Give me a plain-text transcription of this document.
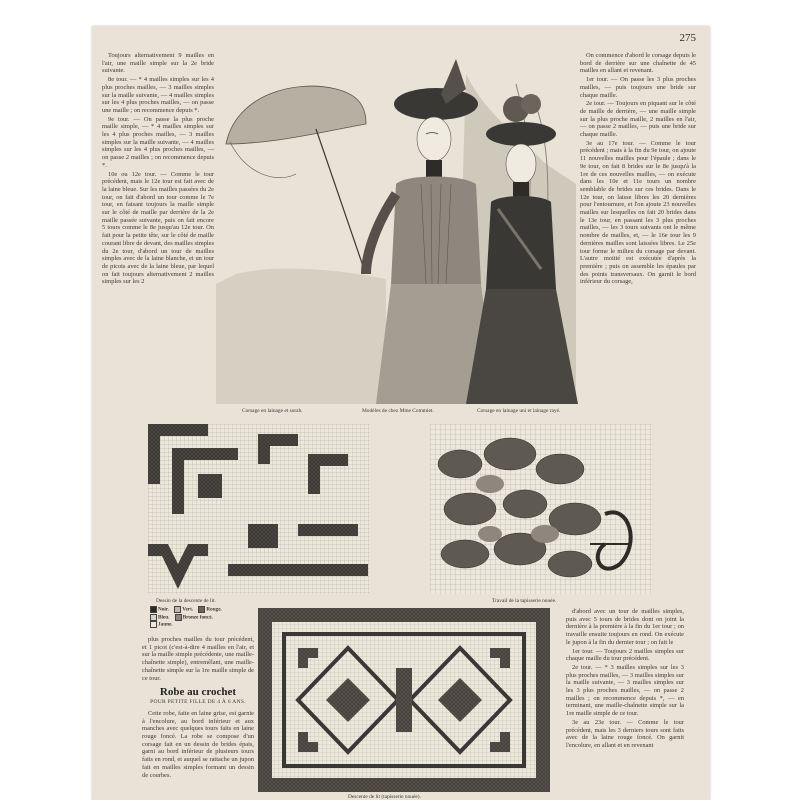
275

Toujours alternativement 9 mailles en l'air, une maille simple sur la 2e bride suivante.

8e tour. — * 4 mailles simples sur les 4 plus proches mailles, — 3 mailles simples sur la maille suivante, — 4 mailles simples sur les 4 plus proches mailles, — on passe une maille ; on recommence depuis *.

9e tour. — On passe la plus proche maille simple, — * 4 mailles simples sur les 4 plus proches mailles, — 3 mailles simples sur la maille suivante, — 4 mailles simples sur les 4 plus proches mailles, — on passe 2 mailles ; on recommence depuis *.

10e ou 12e tour. — Comme le tour précédent, mais le 12e tour est fait avec de la laine bleue. Sur les mailles passées du 2e tour, on fait d'abord un tour comme le 7e tour, en faisant toujours la maille simple sur le côté de maille par derrière de la 2e maille passée suivante, puis on fait encore 5 tours comme le 8e jusqu'au 12e tour. On fait pour la petite tête, sur le côté de maille courant libre de devant, des mailles simples du 2e tour, d'abord un tour de mailles simples avec de la laine blanche, et un tour de picots avec de la laine bleue, par lequel on fait toujours alternativement 2 mailles simples sur les 2

Corsage en lainage et surah.	Modèles de chez Mme Commiet.	Corsage en lainage uni et lainage rayé.

On commence d'abord le corsage depuis le bord de derrière sur une chaînette de 45 mailles en allant et revenant.

1er tour. — On passe les 3 plus proches mailles, — puis toujours une bride sur chaque maille.

2e tour. — Toujours en piquant sur le côté de maille de derrière, — une maille simple sur la plus proche maille, 2 mailles en l'air, — on passe 2 mailles, — puis une bride sur chaque maille.

3e au 17e tour. — Comme le tour précédent ; mais à la fin du 9e tour, on ajoute 11 nouvelles mailles pour l'épaule ; dans le 9e tour, on fait 8 brides sur le 8e jusqu'à la 1re de ces nouvelles mailles, — on exécute dans les 10e et 11e tours un nombre semblable de brides sur ces brides. Dans le 12e tour, on laisse libres les 20 dernières pour l'entournure, et l'on ajoute 23 nouvelles mailles sur lesquelles on fait 20 brides dans le 13e tour, en passant les 3 plus proches mailles, — les 3 tours suivants ont le même nombre de mailles, et, — le 16e tour les 9 dernières mailles sont laissées libres. Le 25e tour forme le milieu du corsage par devant. L'autre moitié est exécutée d'après la première ; puis on assemble les épaules par des points transversaux. On garnit le bord inférieur du corsage,

Dessin de la descente de lit.	Travail de la tapisserie nouée.
Noir.	Vert.	Rouge.
Bleu.	Bronze foncé.
Jaune.

plus proches mailles du tour précédent, et 1 picot (c'est-à-dire 4 mailles en l'air, et sur la maille simple précédente, une maille-chaînette simple), entremêlant, une maille-chaînette simple sur la 1re maille simple de ce tour.

Robe au crochet
POUR PETITE FILLE DE 4 À 6 ANS.

Cette robe, faite en laine grise, est garnie à l'encolure, au bord inférieur et aux manches avec quelques tours faits en laine rouge foncé. La robe se compose d'un corsage fait en un dessin de brides épais, garni au bord inférieur de plusieurs tours faits en rond, et auquel se rattache un jupon fait en mailles simples formant un dessin de courbes.

Descente de lit (tapisserie nouée).

d'abord avec un tour de mailles simples, puis avec 5 tours de brides dont on joint la dernière à la première à la fin du 1er tour ; on travaille ensuite toujours en rond. On exécute le jupon à la fin du dernier tour ; on fait le

1er tour. — Toujours 2 mailles simples sur chaque maille du tour précédent.

2e tour. — * 3 mailles simples sur les 3 plus proches mailles, — 3 mailles simples sur la maille suivante, — 3 mailles simples sur les 3 plus proches mailles, — on passe 2 mailles ; on recommence depuis *, — en terminant, une maille-chaînette simple sur la 1re maille simple de ce tour.

3e au 23e tour. — Comme le tour précédent, mais les 3 derniers tours sont faits avec de la laine rouge foncé. On garnit l'encolure, en allant et en revenant
